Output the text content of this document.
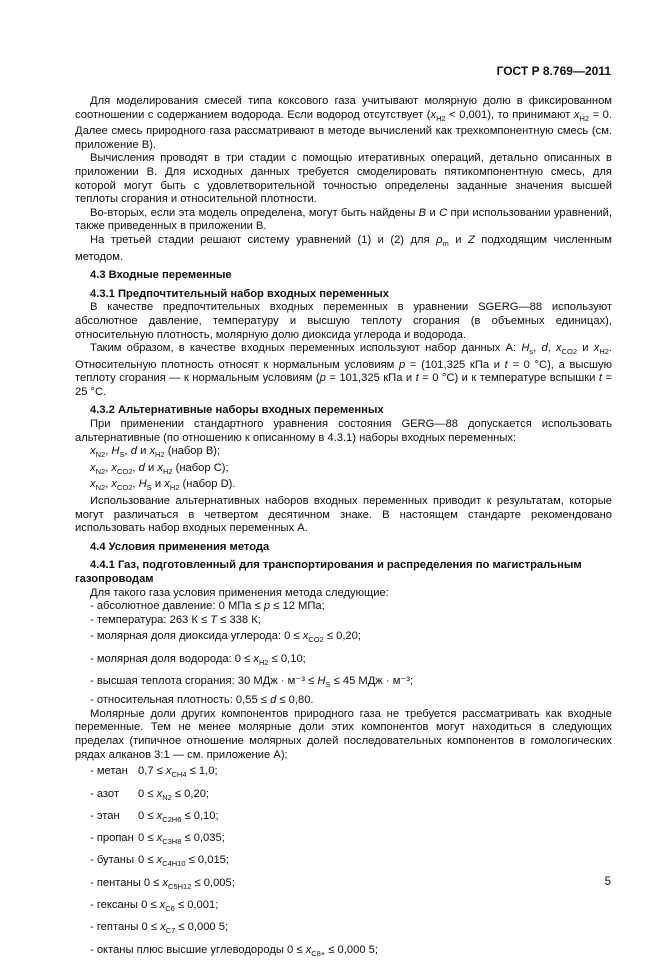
ГОСТ Р 8.769—2011
Для моделирования смесей типа коксового газа учитывают молярную долю в фиксированном соотношении с содержанием водорода. Если водород отсутствует $(x_{H2} < 0,001)$, то принимают $x_{H2} = 0$. Далее смесь природного газа рассматривают в методе вычислений как трехкомпонентную смесь (см. приложение В).
Вычисления проводят в три стадии с помощью итеративных операций, детально описанных в приложении В. Для исходных данных требуется смоделировать пятикомпонентную смесь, для которой могут быть с удовлетворительной точностью определены заданные значения высшей теплоты сгорания и относительной плотности.
Во-вторых, если эта модель определена, могут быть найдены B и C при использовании уравнений, также приведенных в приложении В.
На третьей стадии решают систему уравнений (1) и (2) для $\rho_m$ и Z подходящим численным методом.
4.3 Входные переменные
4.3.1 Предпочтительный набор входных переменных
В качестве предпочтительных входных переменных в уравнении SGERG—88 используют абсолютное давление, температуру и высшую теплоту сгорания (в объемных единицах), относительную плотность, молярную долю диоксида углерода и водорода.
Таким образом, в качестве входных переменных используют набор данных А: $H_s$, d, $x_{CO2}$ и $x_{H2}$. Относительную плотность относят к нормальным условиям p = (101,325 кПа и t = 0 °С), а высшую теплоту сгорания — к нормальным условиям (p = 101,325 кПа и t = 0 °С) и к температуре вспышки t = 25 °С.
4.3.2 Альтернативные наборы входных переменных
При применении стандартного уравнения состояния GERG—88 допускается использовать альтернативные (по отношению к описанному в 4.3.1) наборы входных переменных:
$x_{N2}$, $H_S$, d и $x_{H2}$ (набор В);
$x_{N2}$, $x_{CO2}$, d и $x_{H2}$ (набор С);
$x_{N2}$, $x_{CO2}$, $H_S$ и $x_{H2}$ (набор D).
Использование альтернативных наборов входных переменных приводит к результатам, которые могут различаться в четвертом десятичном знаке. В настоящем стандарте рекомендовано использовать набор входных переменных А.
4.4 Условия применения метода
4.4.1 Газ, подготовленный для транспортирования и распределения по магистральным газопроводам
Для такого газа условия применения метода следующие:
- абсолютное давление: 0 МПа ≤ p ≤ 12 МПа;
- температура: 263 К ≤ T ≤ 338 К;
- молярная доля диоксида углерода: $0 \le x_{CO2} \le 0,20$;
- молярная доля водорода: $0 \le x_{H2} \le 0,10$;
- высшая теплота сгорания: 30 МДж · $м^{-3} \le H_S \le 45$ МДж · м⁻³;
- относительная плотность: 0,55 ≤ d ≤ 0,80.
Молярные доли других компонентов природного газа не требуется рассматривать как входные переменные. Тем не менее молярные доли этих компонентов могут находиться в следующих пределах (типичное отношение молярных долей последовательных компонентов в гомологических рядах алканов 3:1 — см. приложение А):
- метан0,7 ≤ $x_{CH4} \le 1,0$;
- азот0 ≤ $x_{N2} \le 0,20$;
- этан0 ≤ $x_{C2H6} \le 0,10$;
- пропан0 ≤ $x_{C3H8} \le 0,035$;
- бутаны0 ≤ $x_{C4H10} \le 0,015$;
- пентаны $0 \le x_{C5H12} \le 0,005$;
- гексаны $0 \le x_{C6} \le 0,001$;
- гептаны $0 \le x_{C7} \le 0,000$ 5;
- октаны плюс высшие углеводороды $0 \le x_{C8+} \le 0,000$ 5;
5
